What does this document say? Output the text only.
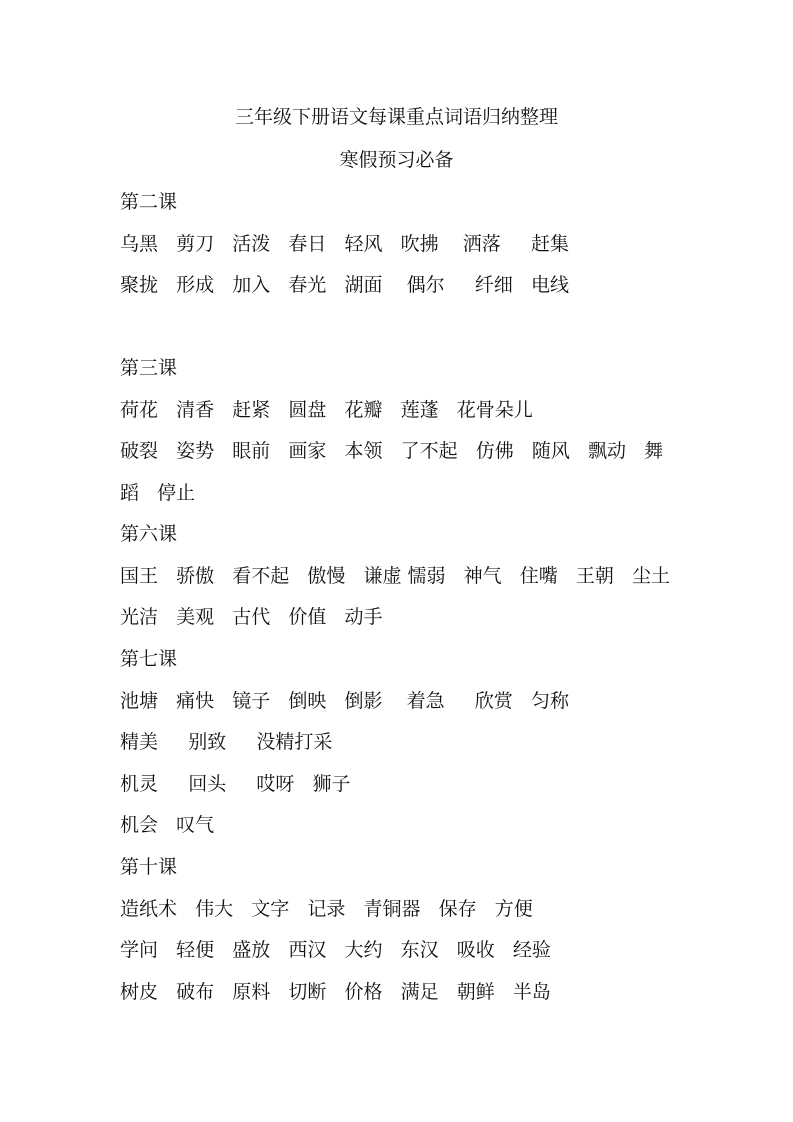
三年级下册语文每课重点词语归纳整理
寒假预习必备
第二课
乌黑   剪刀   活泼   春日   轻风   吹拂    洒落     赶集
聚拢   形成   加入   春光   湖面    偶尔     纤细   电线
第三课
荷花   清香   赶紧   圆盘   花瓣   莲蓬   花骨朵儿
破裂   姿势   眼前   画家   本领   了不起   仿佛   随风   飘动   舞
蹈   停止
第六课
国王   骄傲   看不起   傲慢   谦虚 懦弱   神气   住嘴   王朝   尘土
光洁   美观   古代   价值   动手
第七课
池塘   痛快   镜子   倒映   倒影    着急     欣赏   匀称
精美     别致     没精打采
机灵     回头     哎呀   狮子
机会   叹气
第十课
造纸术   伟大   文字   记录   青铜器   保存   方便
学问   轻便   盛放   西汉   大约   东汉   吸收   经验
树皮   破布   原料   切断   价格   满足   朝鲜   半岛
